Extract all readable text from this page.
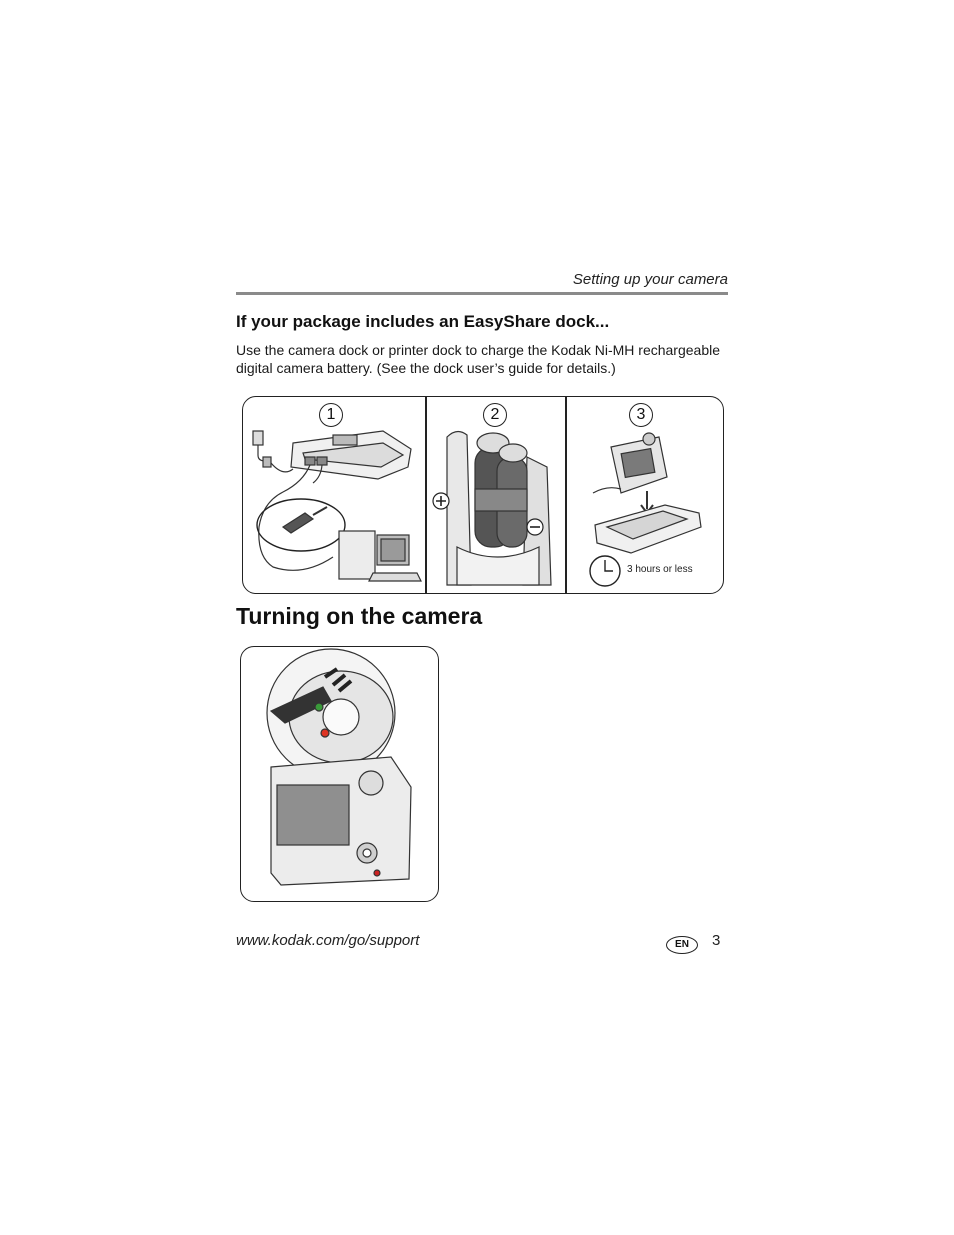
Setting up your camera
If your package includes an EasyShare dock...
Use the camera dock or printer dock to charge the Kodak Ni-MH rechargeable digital camera battery. (See the dock user’s guide for details.)
1	2	3
3 hours or less
Turning on the camera
www.kodak.com/go/support	EN	3
